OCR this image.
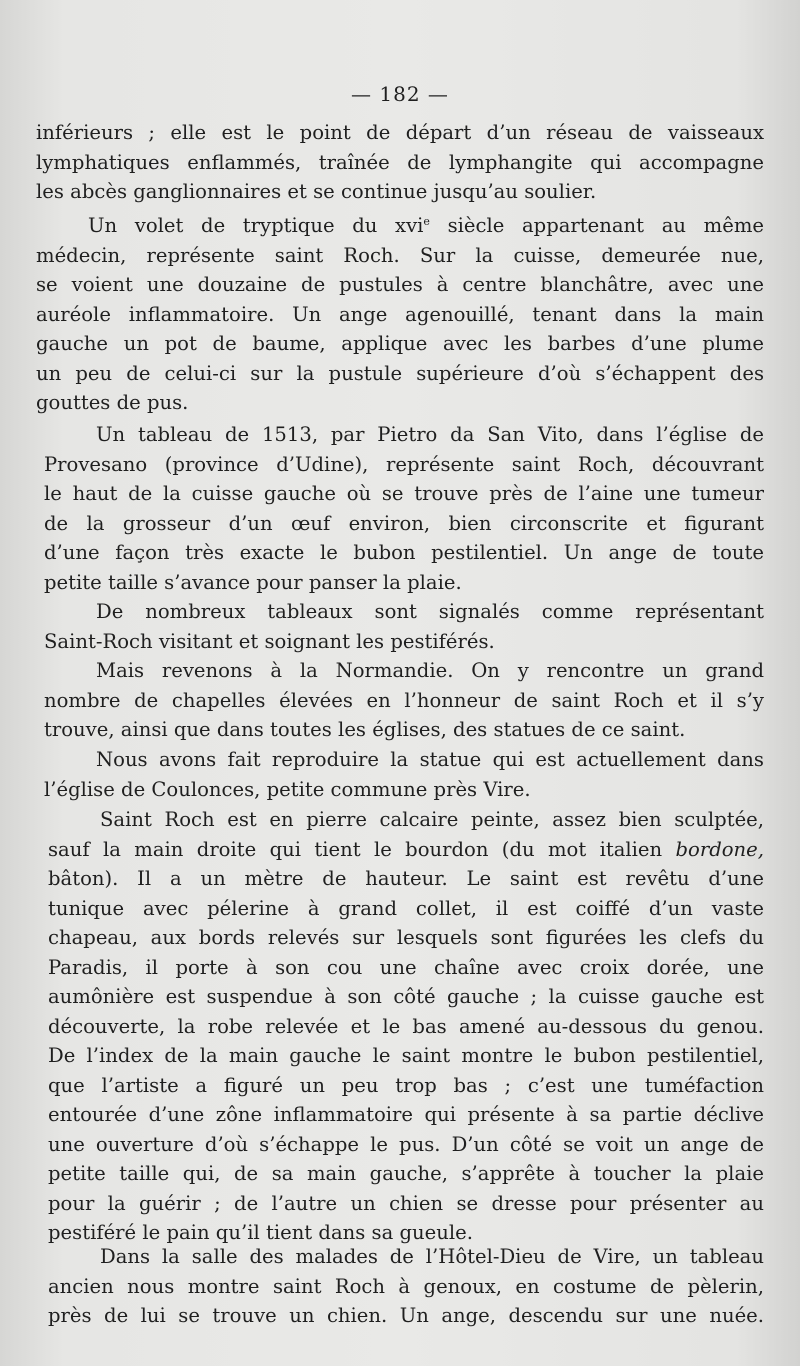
— 182 —

inférieurs ; elle est le point de départ d’un réseau de vaisseaux
lymphatiques enflammés, traînée de lymphangite qui accompagne
les abcès ganglionnaires et se continue jusqu’au soulier.

Un volet de tryptique du xvi$^e$ siècle appartenant au même
médecin, représente saint Roch. Sur la cuisse, demeurée nue,
se voient une douzaine de pustules à centre blanchâtre, avec une
auréole inflammatoire. Un ange agenouillé, tenant dans la main
gauche un pot de baume, applique avec les barbes d’une plume
un peu de celui-ci sur la pustule supérieure d’où s’échappent des
gouttes de pus.

Un tableau de 1513, par Pietro da San Vito, dans l’église de
Provesano (province d’Udine), représente saint Roch, découvrant
le haut de la cuisse gauche où se trouve près de l’aine une tumeur
de la grosseur d’un œuf environ, bien circonscrite et figurant
d’une façon très exacte le bubon pestilentiel. Un ange de toute
petite taille s’avance pour panser la plaie.

De nombreux tableaux sont signalés comme représentant
Saint-Roch visitant et soignant les pestiférés.

Mais revenons à la Normandie. On y rencontre un grand
nombre de chapelles élevées en l’honneur de saint Roch et il s’y
trouve, ainsi que dans toutes les églises, des statues de ce saint.

Nous avons fait reproduire la statue qui est actuellement dans
l’église de Coulonces, petite commune près Vire.

Saint Roch est en pierre calcaire peinte, assez bien sculptée,
sauf la main droite qui tient le bourdon (du mot italien bordone,
bâton). Il a un mètre de hauteur. Le saint est revêtu d’une
tunique avec pélerine à grand collet, il est coiffé d’un vaste
chapeau, aux bords relevés sur lesquels sont figurées les clefs du
Paradis, il porte à son cou une chaîne avec croix dorée, une
aumônière est suspendue à son côté gauche ; la cuisse gauche est
découverte, la robe relevée et le bas amené au-dessous du genou.
De l’index de la main gauche le saint montre le bubon pestilentiel,
que l’artiste a figuré un peu trop bas ; c’est une tuméfaction
entourée d’une zône inflammatoire qui présente à sa partie déclive
une ouverture d’où s’échappe le pus. D’un côté se voit un ange de
petite taille qui, de sa main gauche, s’apprête à toucher la plaie
pour la guérir ; de l’autre un chien se dresse pour présenter au
pestiféré le pain qu’il tient dans sa gueule.

Dans la salle des malades de l’Hôtel-Dieu de Vire, un tableau
ancien nous montre saint Roch à genoux, en costume de pèlerin,
près de lui se trouve un chien. Un ange, descendu sur une nuée.
